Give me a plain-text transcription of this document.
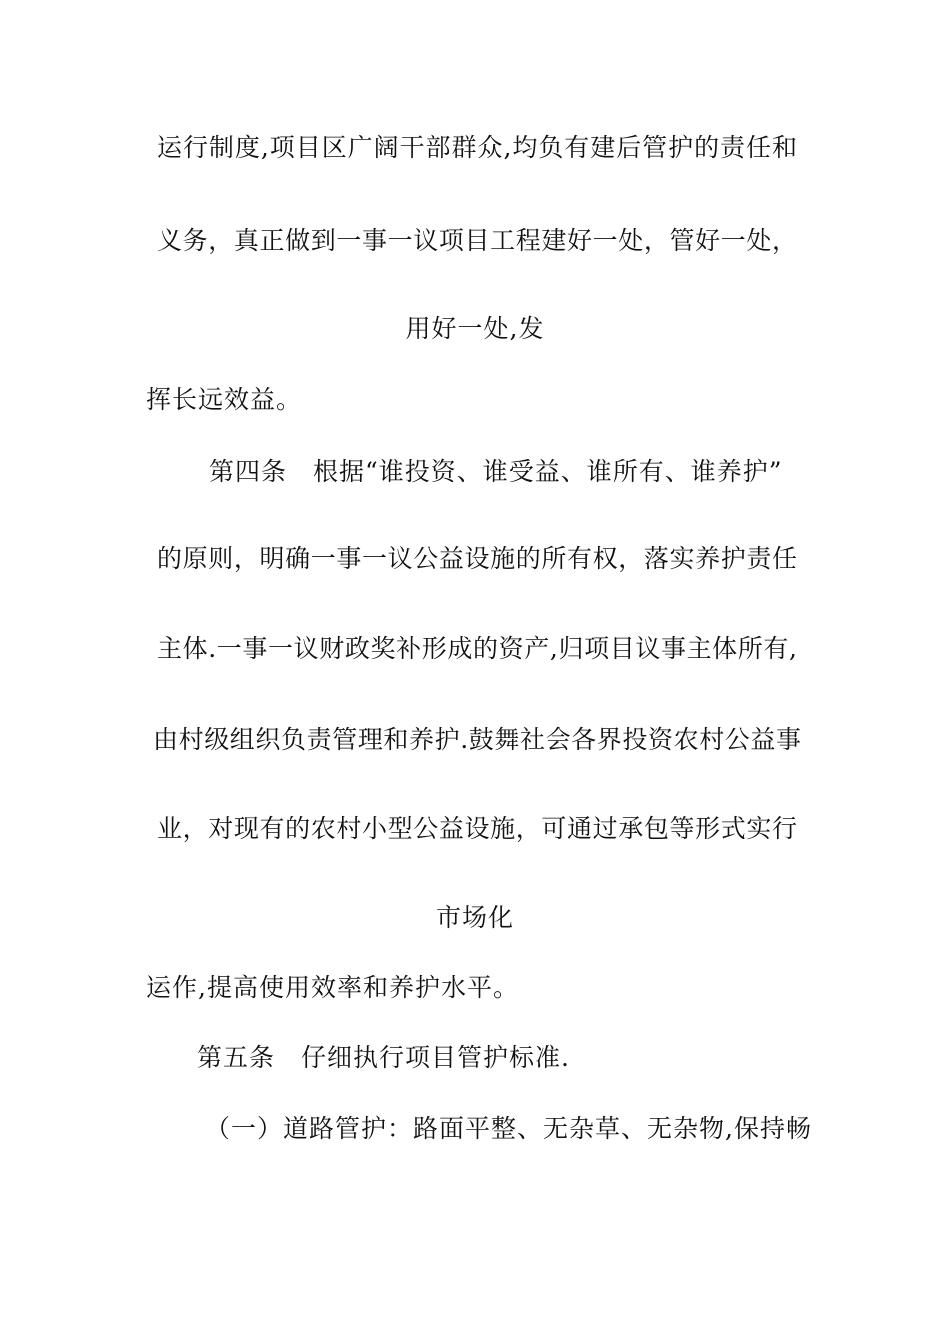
运行制度,项目区广阔干部群众,均负有建后管护的责任和
义务，真正做到一事一议项目工程建好一处，管好一处，
用好一处,发
挥长远效益。
第四条　根据“谁投资、谁受益、谁所有、谁养护”
的原则，明确一事一议公益设施的所有权，落实养护责任
主体.一事一议财政奖补形成的资产,归项目议事主体所有,
由村级组织负责管理和养护.鼓舞社会各界投资农村公益事
业，对现有的农村小型公益设施，可通过承包等形式实行
市场化
运作,提高使用效率和养护水平。
第五条　仔细执行项目管护标准.
（一）道路管护：路面平整、无杂草、无杂物,保持畅
